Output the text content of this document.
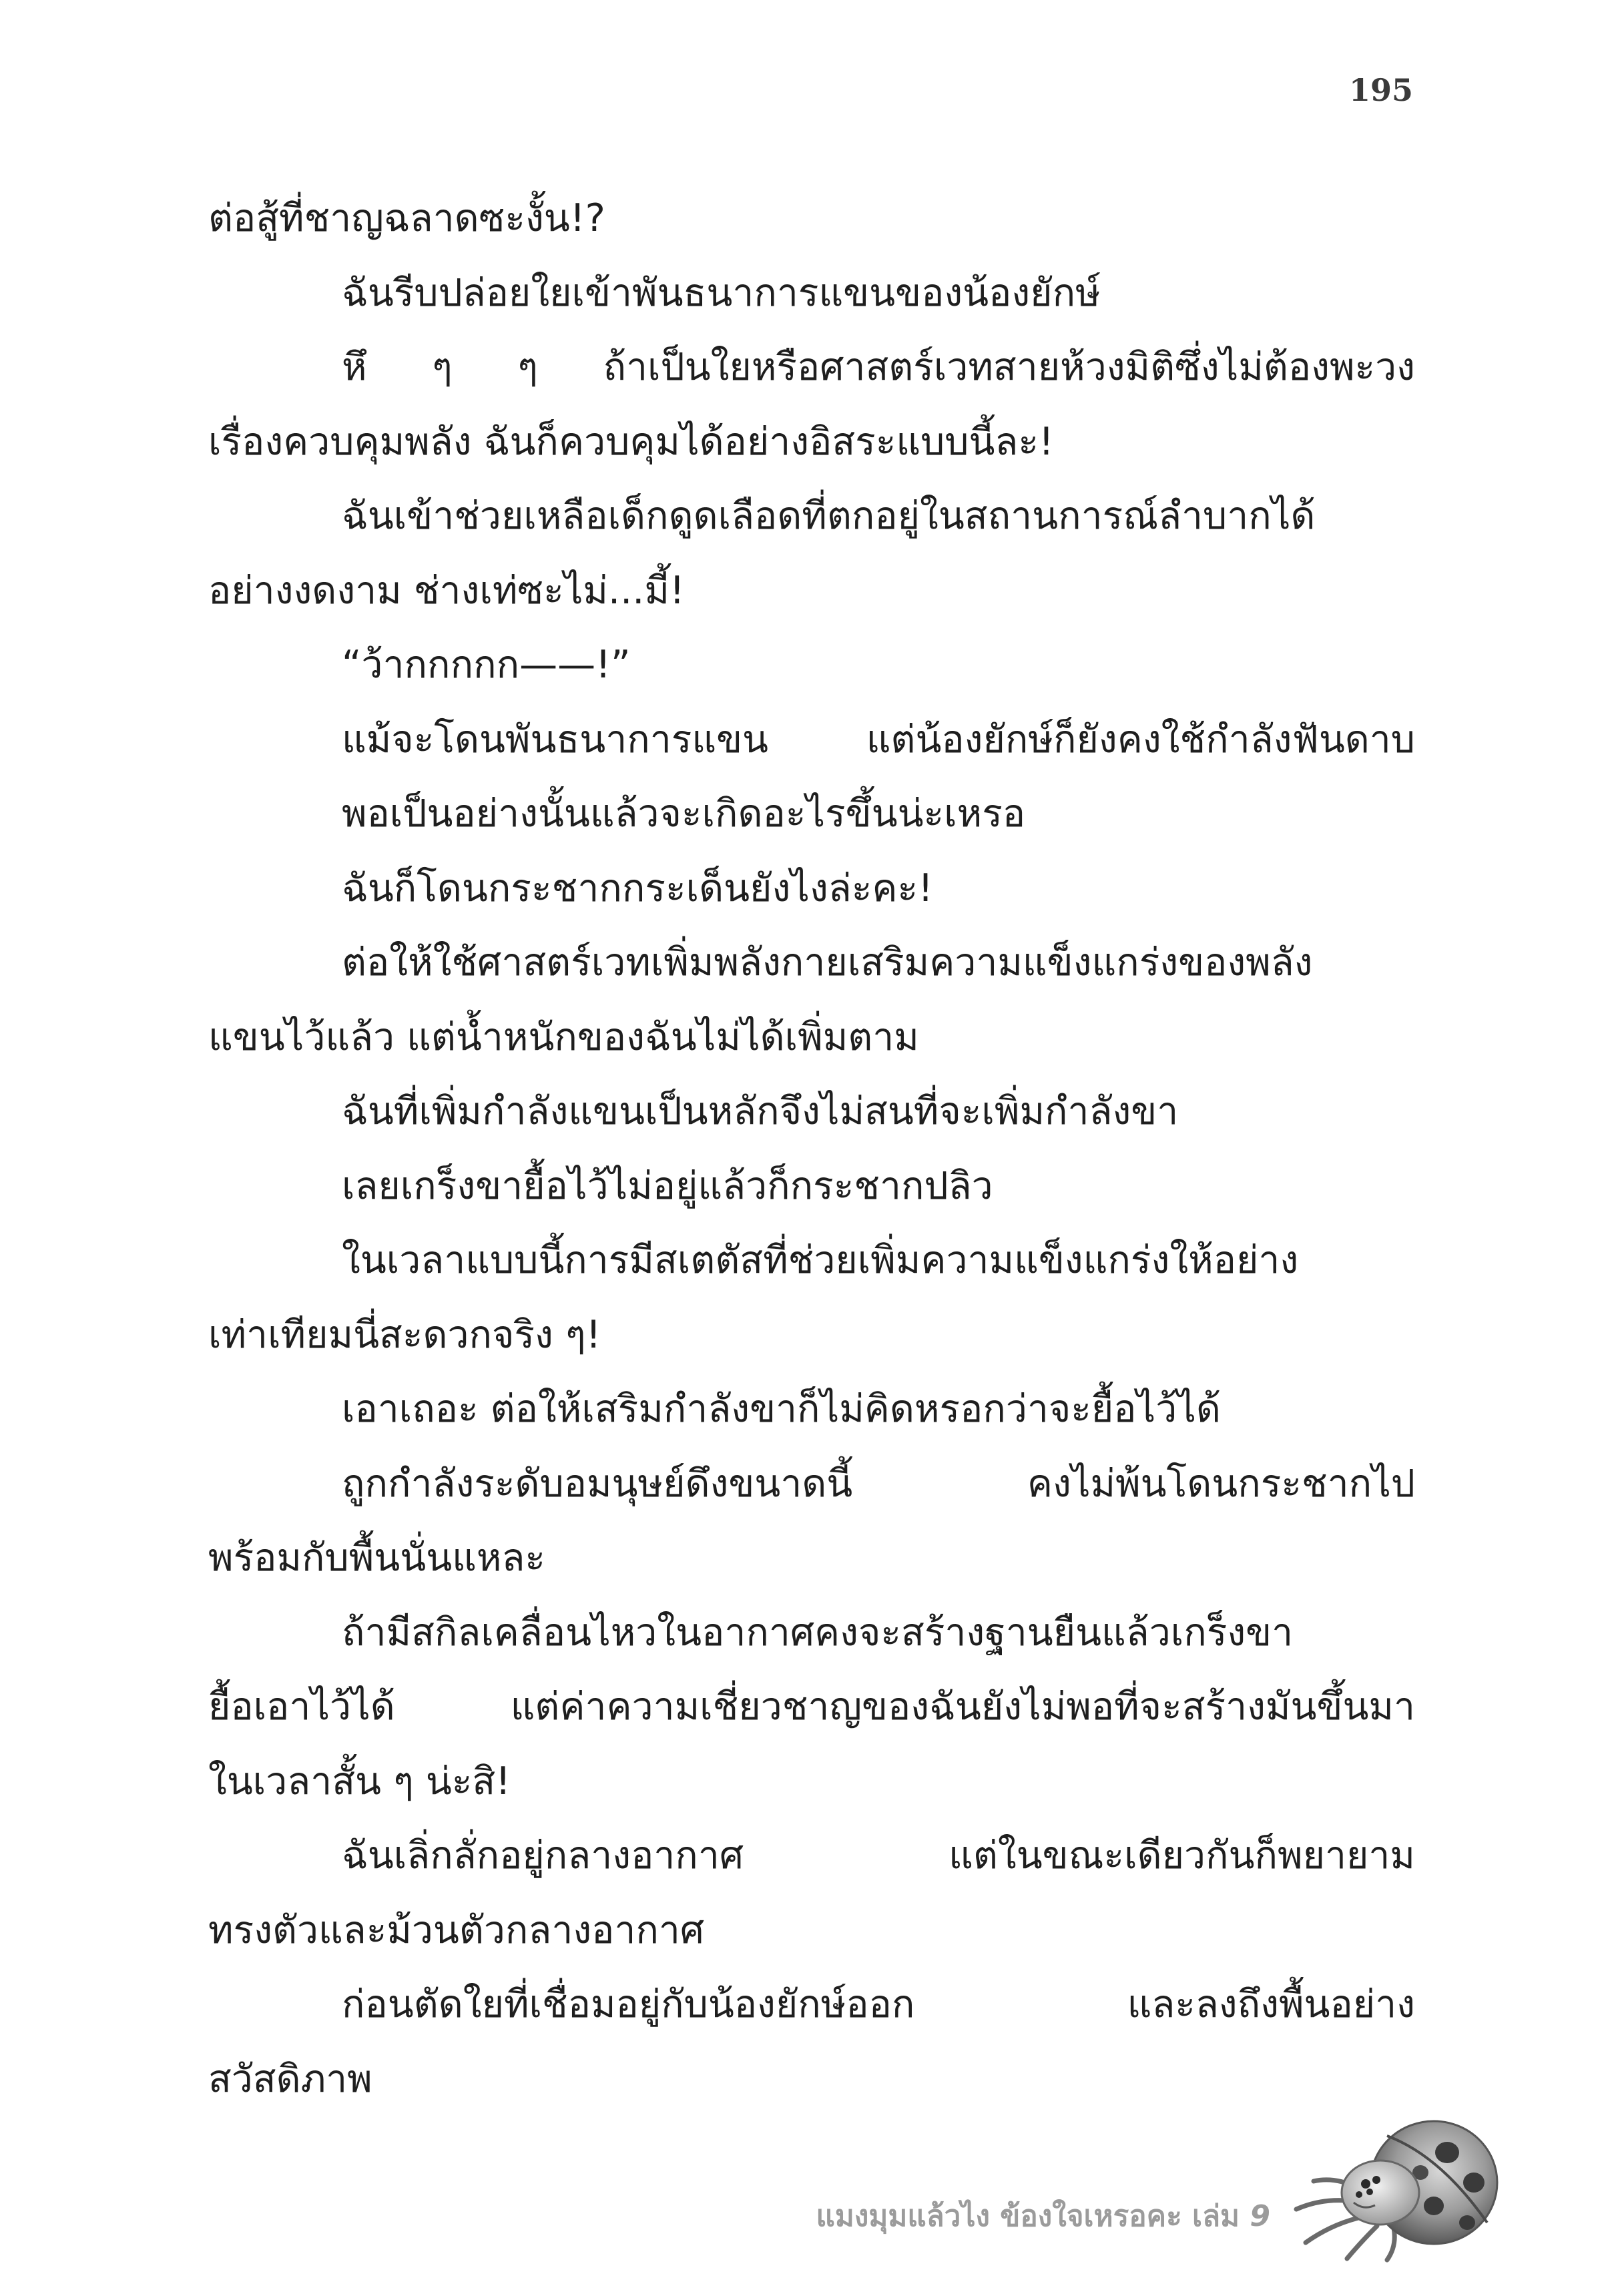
195
ต่อสู้ที่ชาญฉลาดซะงั้น!?
ฉันรีบปล่อยใยเข้าพันธนาการแขนของน้องยักษ์
หึ ๆ ๆ ถ้าเป็นใยหรือศาสตร์เวทสายห้วงมิติซึ่งไม่ต้องพะวง
เรื่องควบคุมพลัง ฉันก็ควบคุมได้อย่างอิสระแบบนี้ละ!
ฉันเข้าช่วยเหลือเด็กดูดเลือดที่ตกอยู่ในสถานการณ์ลำบากได้
อย่างงดงาม ช่างเท่ซะไม่...มี้!
“ว้ากกกกก——!”
แม้จะโดนพันธนาการแขน แต่น้องยักษ์ก็ยังคงใช้กำลังฟันดาบ
พอเป็นอย่างนั้นแล้วจะเกิดอะไรขึ้นน่ะเหรอ
ฉันก็โดนกระชากกระเด็นยังไงล่ะคะ!
ต่อให้ใช้ศาสตร์เวทเพิ่มพลังกายเสริมความแข็งแกร่งของพลัง
แขนไว้แล้ว แต่น้ำหนักของฉันไม่ได้เพิ่มตาม
ฉันที่เพิ่มกำลังแขนเป็นหลักจึงไม่สนที่จะเพิ่มกำลังขา
เลยเกร็งขายื้อไว้ไม่อยู่แล้วก็กระชากปลิว
ในเวลาแบบนี้การมีสเตตัสที่ช่วยเพิ่มความแข็งแกร่งให้อย่าง
เท่าเทียมนี่สะดวกจริง ๆ!
เอาเถอะ ต่อให้เสริมกำลังขาก็ไม่คิดหรอกว่าจะยื้อไว้ได้
ถูกกำลังระดับอมนุษย์ดึงขนาดนี้ คงไม่พ้นโดนกระชากไป
พร้อมกับพื้นนั่นแหละ
ถ้ามีสกิลเคลื่อนไหวในอากาศคงจะสร้างฐานยืนแล้วเกร็งขา
ยื้อเอาไว้ได้ แต่ค่าความเชี่ยวชาญของฉันยังไม่พอที่จะสร้างมันขึ้นมา
ในเวลาสั้น ๆ น่ะสิ!
ฉันเลิ่กลั่กอยู่กลางอากาศ แต่ในขณะเดียวกันก็พยายาม
ทรงตัวและม้วนตัวกลางอากาศ
ก่อนตัดใยที่เชื่อมอยู่กับน้องยักษ์ออก และลงถึงพื้นอย่าง
สวัสดิภาพ
แมงมุมแล้วไง ข้องใจเหรอคะ เล่ม 9
